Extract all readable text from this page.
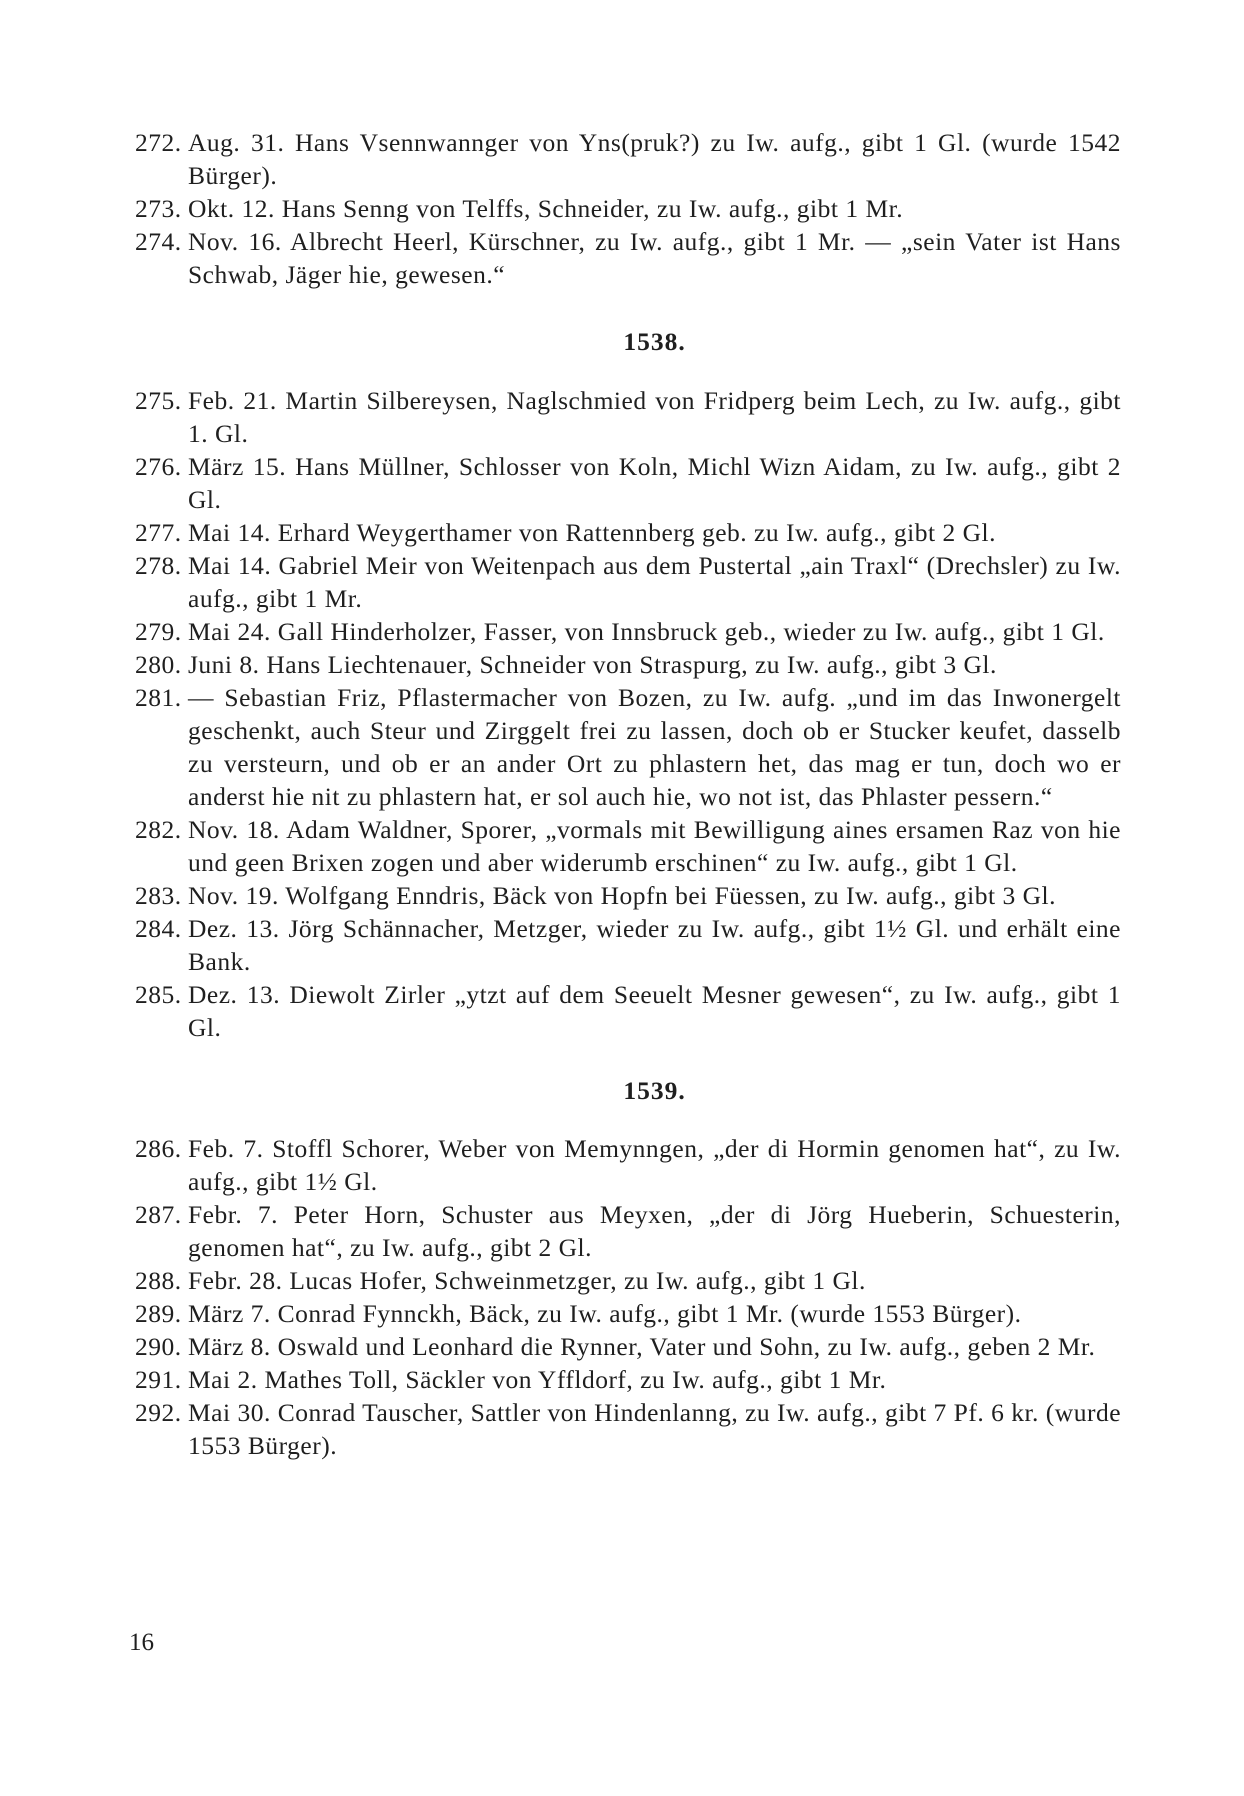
272. Aug. 31. Hans Vsennwannger von Yns(pruk?) zu Iw. aufg., gibt 1 Gl. (wurde 1542 Bürger).

273. Okt. 12. Hans Senng von Telffs, Schneider, zu Iw. aufg., gibt 1 Mr.

274. Nov. 16. Albrecht Heerl, Kürschner, zu Iw. aufg., gibt 1 Mr. — „sein Vater ist Hans Schwab, Jäger hie, gewesen.“

1538.

275. Feb. 21. Martin Silbereysen, Naglschmied von Fridperg beim Lech, zu Iw. aufg., gibt 1. Gl.

276. März 15. Hans Müllner, Schlosser von Koln, Michl Wizn Aidam, zu Iw. aufg., gibt 2 Gl.

277. Mai 14. Erhard Weygerthamer von Rattennberg geb. zu Iw. aufg., gibt 2 Gl.

278. Mai 14. Gabriel Meir von Weitenpach aus dem Pustertal „ain Traxl“ (Drechsler) zu Iw. aufg., gibt 1 Mr.

279. Mai 24. Gall Hinderholzer, Fasser, von Innsbruck geb., wieder zu Iw. aufg., gibt 1 Gl.

280. Juni 8. Hans Liechtenauer, Schneider von Straspurg, zu Iw. aufg., gibt 3 Gl.

281. — Sebastian Friz, Pflastermacher von Bozen, zu Iw. aufg. „und im das Inwonergelt geschenkt, auch Steur und Zirggelt frei zu lassen, doch ob er Stucker keufet, dasselb zu versteurn, und ob er an ander Ort zu phlastern het, das mag er tun, doch wo er anderst hie nit zu phlastern hat, er sol auch hie, wo not ist, das Phlaster pessern.“

282. Nov. 18. Adam Waldner, Sporer, „vormals mit Bewilligung aines ersamen Raz von hie und geen Brixen zogen und aber widerumb erschinen“ zu Iw. aufg., gibt 1 Gl.

283. Nov. 19. Wolfgang Enndris, Bäck von Hopfn bei Füessen, zu Iw. aufg., gibt 3 Gl.

284. Dez. 13. Jörg Schännacher, Metzger, wieder zu Iw. aufg., gibt 1½ Gl. und erhält eine Bank.

285. Dez. 13. Diewolt Zirler „ytzt auf dem Seeuelt Mesner gewesen“, zu Iw. aufg., gibt 1 Gl.

1539.

286. Feb. 7. Stoffl Schorer, Weber von Memynngen, „der di Hormin genomen hat“, zu Iw. aufg., gibt 1½ Gl.

287. Febr. 7. Peter Horn, Schuster aus Meyxen, „der di Jörg Hueberin, Schuesterin, genomen hat“, zu Iw. aufg., gibt 2 Gl.

288. Febr. 28. Lucas Hofer, Schweinmetzger, zu Iw. aufg., gibt 1 Gl.

289. März 7. Conrad Fynnckh, Bäck, zu Iw. aufg., gibt 1 Mr. (wurde 1553 Bürger).

290. März 8. Oswald und Leonhard die Rynner, Vater und Sohn, zu Iw. aufg., geben 2 Mr.

291. Mai 2. Mathes Toll, Säckler von Yffldorf, zu Iw. aufg., gibt 1 Mr.

292. Mai 30. Conrad Tauscher, Sattler von Hindenlanng, zu Iw. aufg., gibt 7 Pf. 6 kr. (wurde 1553 Bürger).

16
